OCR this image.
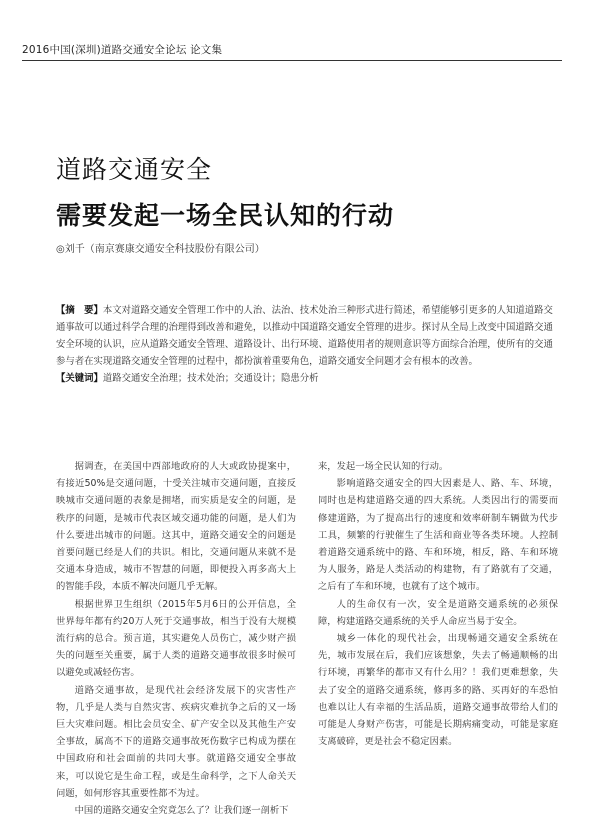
2016中国(深圳)道路交通安全论坛 论文集
道路交通安全
需要发起一场全民认知的行动
◎刘千（南京赛康交通安全科技股份有限公司）
【摘　要】本文对道路交通安全管理工作中的人治、法治、技术处治三种形式进行简述，希望能够引更多的人知道道路交通事故可以通过科学合理的治理得到改善和避免，以推动中国道路交通安全管理的进步。探讨从全局上改变中国道路交通安全环境的认识，应从道路交通安全管理、道路设计、出行环境、道路使用者的规则意识等方面综合治理，使所有的交通参与者在实现道路交通安全管理的过程中，都扮演着重要角色，道路交通安全问题才会有根本的改善。
【关键词】道路交通安全治理；技术处治；交通设计；隐患分析

据调查，在美国中西部地政府的人大或政协提案中，有接近50%是交通问题，十受关注城市交通问题，直接反映城市交通问题的表象是拥堵，而实质是安全的问题，是秩序的问题，是城市代表区域交通功能的问题，是人们为什么要进出城市的问题。这其中，道路交通安全的问题是首要问题已经是人们的共识。相比，交通问题从来就不是交通本身造成，城市不智慧的问题，即便投入再多高大上的智能手段，本质不解决问题几乎无解。

根据世界卫生组织（2015年5月6日的公开信息，全世界每年都有约20万人死于交通事故，相当于没有大规模流行病的总合。预言道，其实避免人员伤亡，减少财产损失的问题至关重要，属于人类的道路交通事故很多时候可以避免或减轻伤害。

道路交通事故，是现代社会经济发展下的灾害性产物，几乎是人类与自然灾害、疾病灾难抗争之后的又一场巨大灾难问题。相比会员安全、矿产安全以及其他生产安全事故，属高不下的道路交通事故死伤数字已构成为摆在中国政府和社会面前的共同大事。就道路交通安全事故来，可以说它是生命工程，或是生命科学，之下人命关天问题，如何形容其重要性都不为过。

中国的道路交通安全究竟怎么了？让我们逐一剖析下

来，发起一场全民认知的行动。

影响道路交通安全的四大因素是人、路、车、环境，同时也是构建道路交通的四大系统。人类因出行的需要而修建道路，为了提高出行的速度和效率研制车辆做为代步工具，频繁的行驶催生了生活和商业等各类环境。人控制着道路交通系统中的路、车和环境，相反，路、车和环境为人服务，路是人类活动的构建物，有了路就有了交通，之后有了车和环境，也就有了这个城市。

人的生命仅有一次，安全是道路交通系统的必须保障，构建道路交通系统的关乎人命应当易于安全。

城乡一体化的现代社会，出现畅通交通安全系统在先，城市发展在后，我们应该想象，失去了畅通顺畅的出行环境，再繁华的都市又有什么用？！我们更难想象，失去了安全的道路交通系统，修再多的路、买再好的车恐怕也难以让人有幸福的生活品质，道路交通事故带给人们的可能是人身财产伤害，可能是长期病痛变动，可能是家庭支离破碎，更是社会不稳定因素。
